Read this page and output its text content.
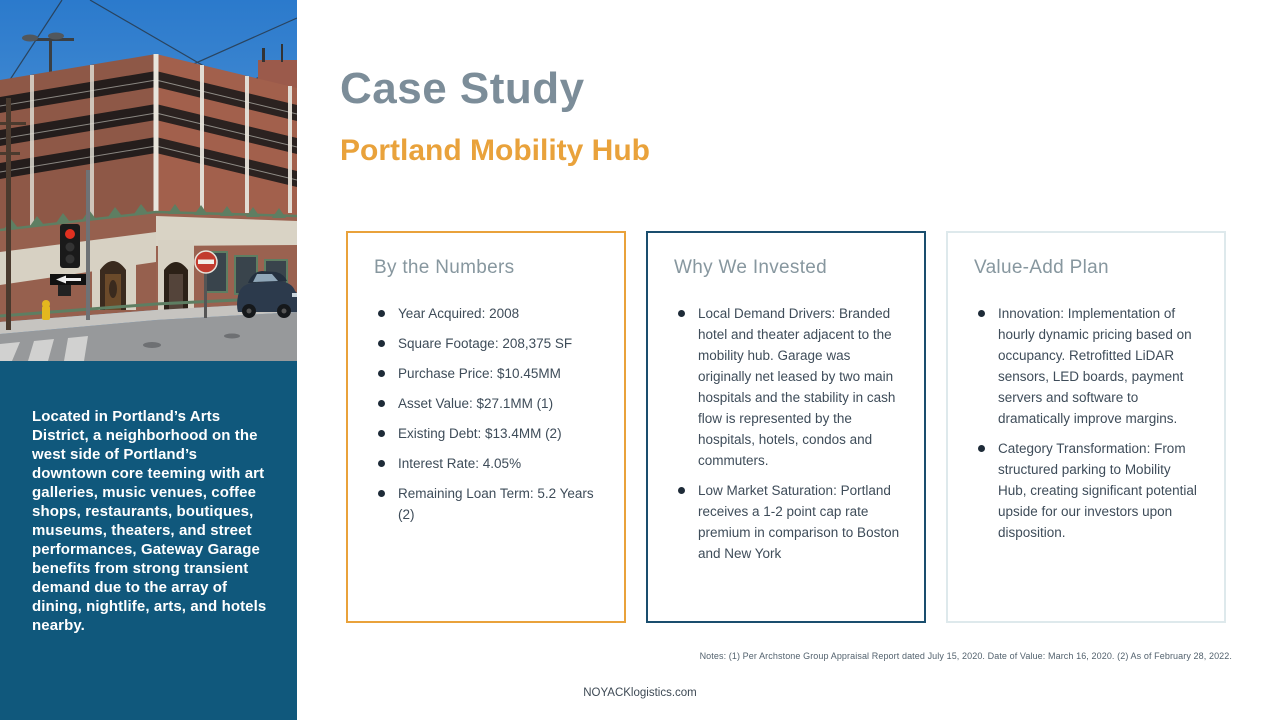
Located in Portland’s Arts District, a neighborhood on the west side of Portland’s downtown core teeming with art galleries, music venues, coffee shops, restaurants, boutiques, museums, theaters, and street performances, Gateway Garage benefits from strong transient demand due to the array of dining, nightlife, arts, and hotels nearby.

Case Study
Portland Mobility Hub
By the Numbers
Year Acquired: 2008
Square Footage: 208,375 SF
Purchase Price: $10.45MM
Asset Value: $27.1MM (1)
Existing Debt: $13.4MM (2)
Interest Rate: 4.05%
Remaining Loan Term: 5.2 Years (2)
Why We Invested
Local Demand Drivers: Branded hotel and theater adjacent to the mobility hub. Garage was originally net leased by two main hospitals and the stability in cash flow is represented by the hospitals, hotels, condos and commuters.
Low Market Saturation: Portland receives a 1-2 point cap rate premium in comparison to Boston and New York
Value-Add Plan
Innovation: Implementation of hourly dynamic pricing based on occupancy. Retrofitted LiDAR sensors, LED boards, payment servers and software to dramatically improve margins.
Category Transformation: From structured parking to Mobility Hub, creating significant potential upside for our investors upon disposition.

Notes: (1) Per Archstone Group Appraisal Report dated July 15, 2020. Date of Value: March 16, 2020. (2) As of February 28, 2022.

NOYACKlogistics.com
